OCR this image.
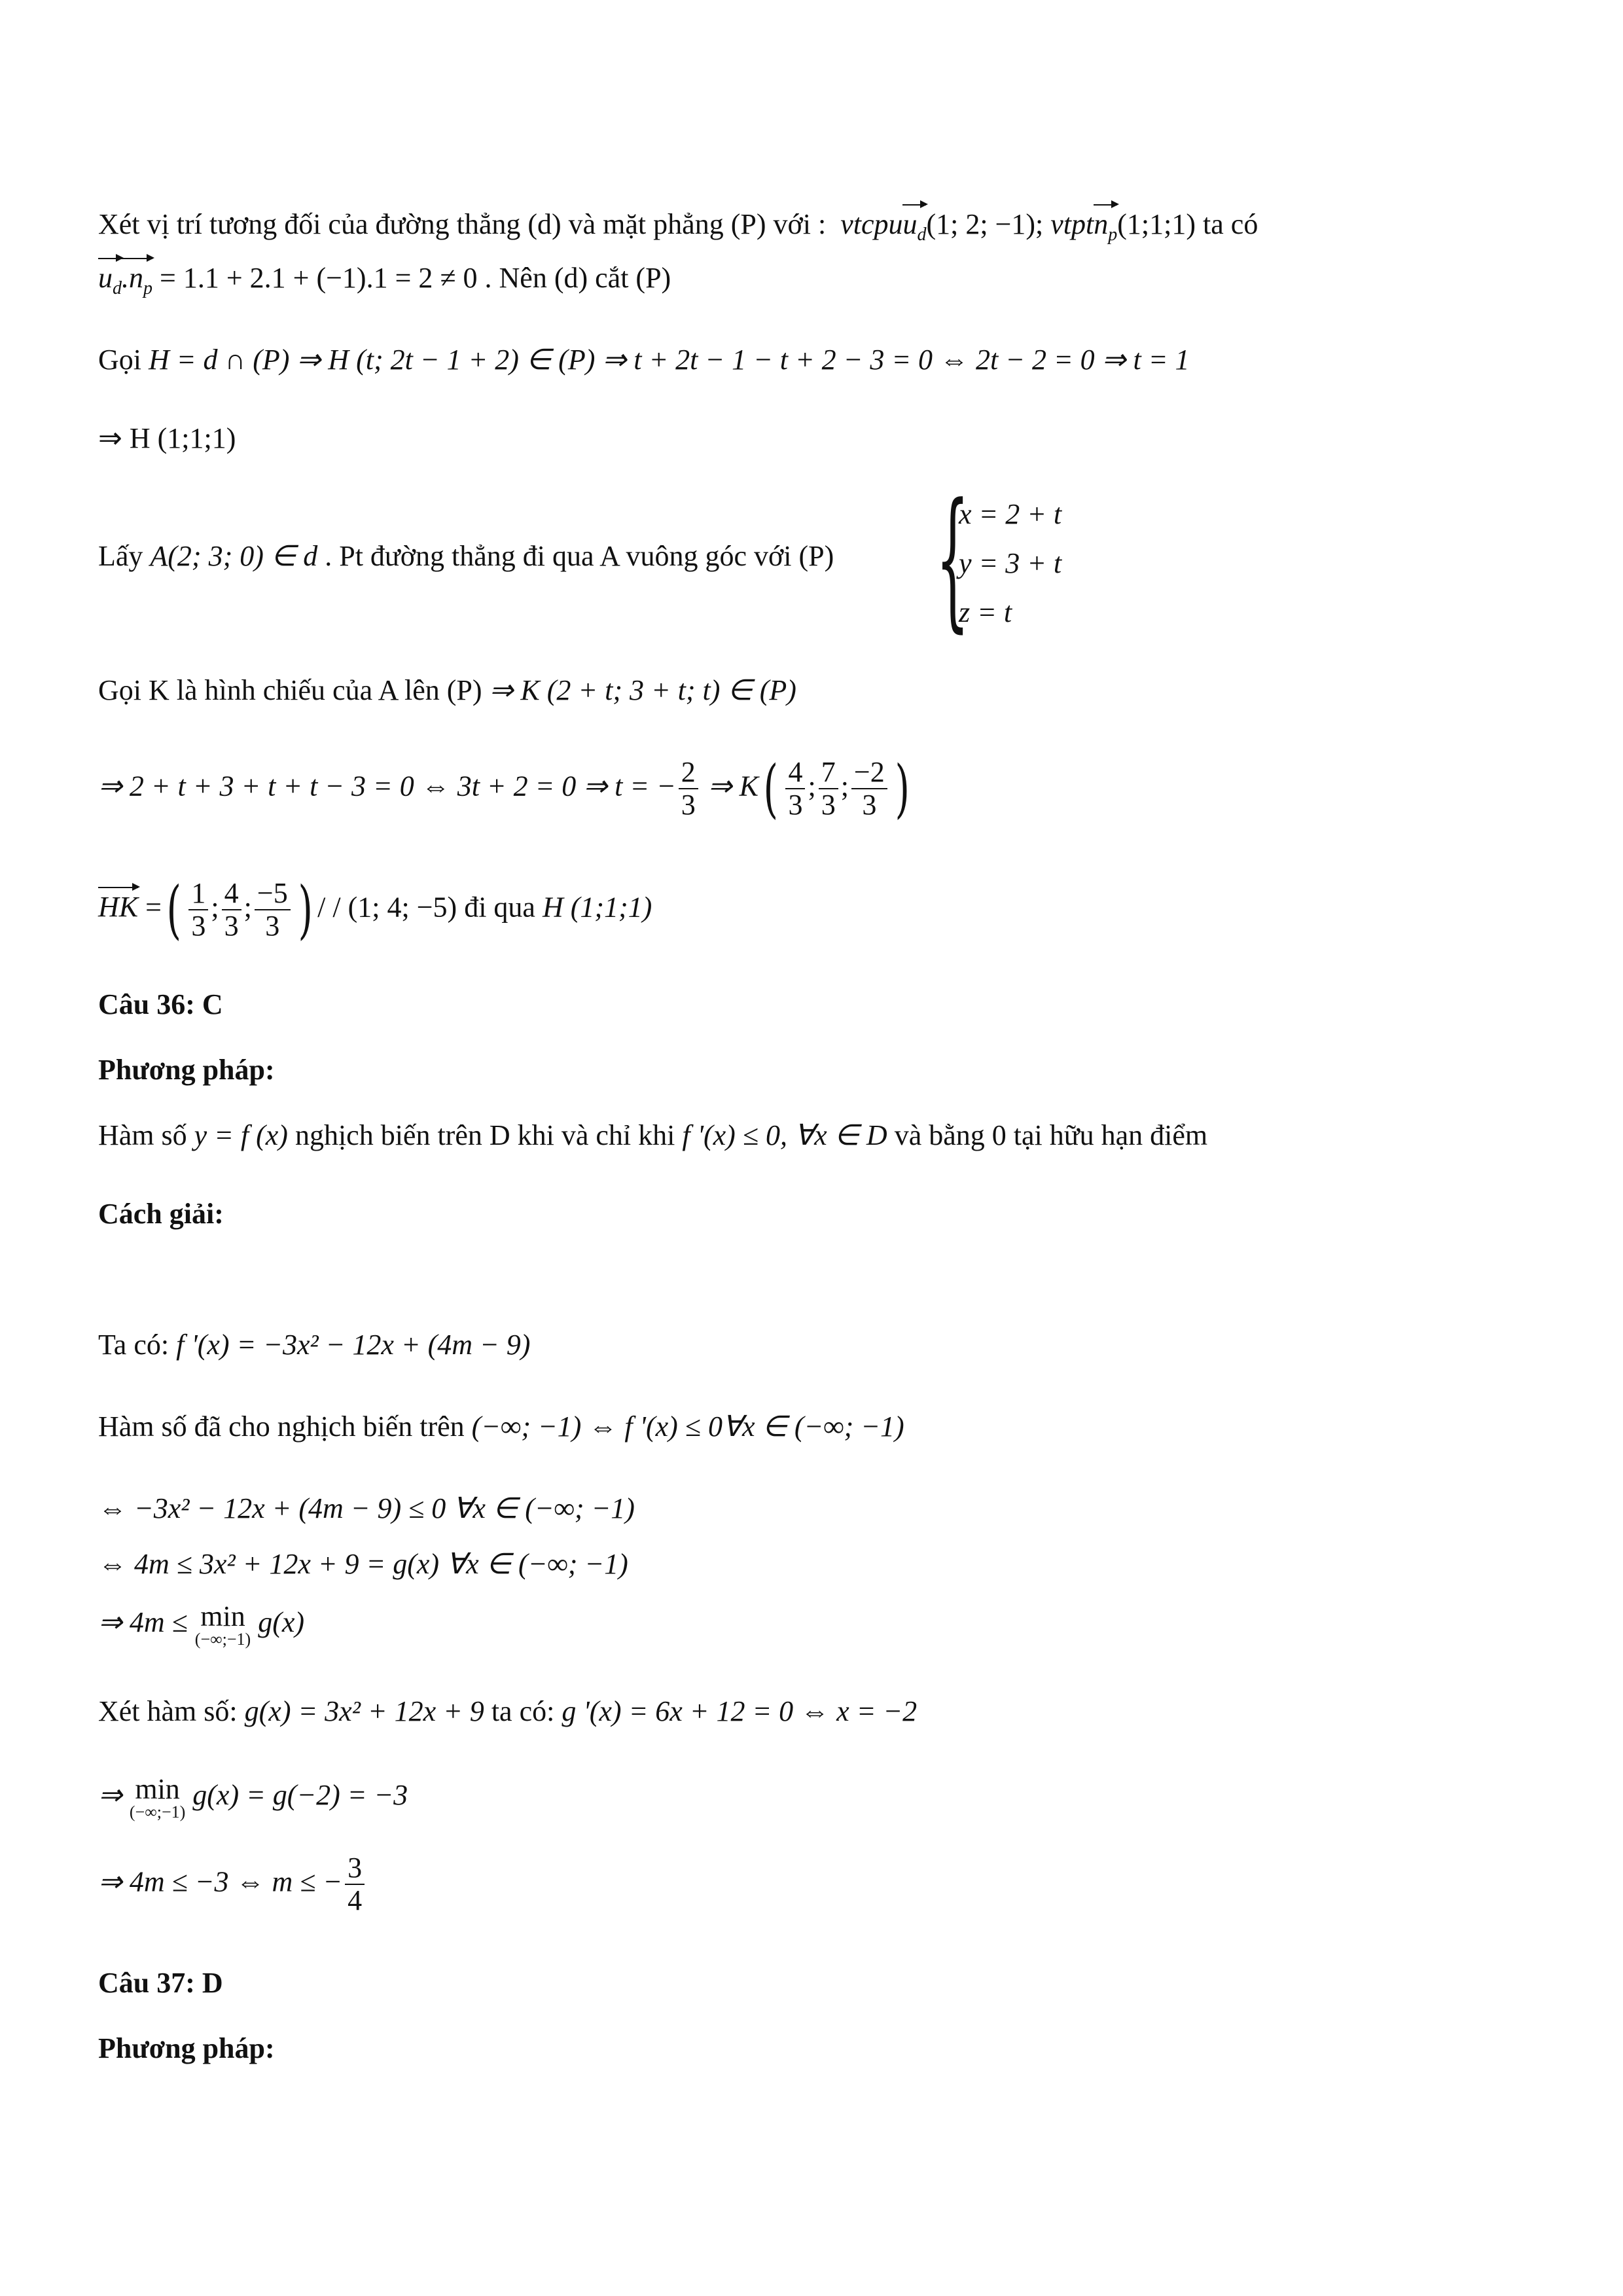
Xét vị trí tương đối của đường thẳng (d) và mặt phẳng (P) với : vtcpuu$_d$(1; 2; −1); vtptn$_p$(1;1;1) ta có
$u_d.n_p = 1.1 + 2.1 + (-1).1 = 2 \ne 0$ . Nên (d) cắt (P)
Gọi H = d ∩ (P) ⇒ H (t; 2t − 1 + 2) ∈ (P) ⇒ t + 2t − 1 − t + 2 − 3 = 0 ⇔ 2t − 2 = 0 ⇒ t = 1
⇒ H (1;1;1)
Lấy A(2; 3; 0) ∈ d . Pt đường thẳng đi qua A vuông góc với (P) {
x = 2 + t
y = 3 + t
z = t
Gọi K là hình chiếu của A lên (P) ⇒ K (2 + t; 3 + t; t) ∈ (P)
⇒ 2 + t + 3 + t + t − 3 = 0 ⇔ 3t + 2 = 0 ⇒ t = − $\frac{2}{3}$ ⇒ $K( \frac{4}{3}$ ; $\frac{7}{3}$ ; $\frac{-2}{3}$ )
HK =( $\frac{1}{3}$ ; $\frac{4}{3}$ ; $\frac{-5}{3}$ ) / / (1; 4; −5) đi qua H (1;1;1)
Câu 36: C
Phương pháp:
Hàm số y = f (x) nghịch biến trên D khi và chỉ khi f '(x) ≤ 0, ∀x ∈ D và bằng 0 tại hữu hạn điểm
Cách giải:
Ta có: f '(x) = −3x² − 12x + (4m − 9)
Hàm số đã cho nghịch biến trên (−∞; −1) ⇔ f '(x) ≤ 0∀x ∈ (−∞; −1)
⇔ −3x² − 12x + (4m − 9) ≤ 0 ∀x ∈ (−∞; −1)
⇔ 4m ≤ 3x² + 12x + 9 = g(x) ∀x ∈ (−∞; −1)
⇒ 4m ≤ min
(−∞;−1)
g(x)
Xét hàm số: g(x) = 3x² + 12x + 9 ta có: g '(x) = 6x + 12 = 0 ⇔ x = −2
⇒ min
(−∞;−1)
g(x) = g(−2) = −3
⇒ 4m ≤ −3 ⇔ m ≤ − $\frac{3}{4}$
Câu 37: D
Phương pháp:
